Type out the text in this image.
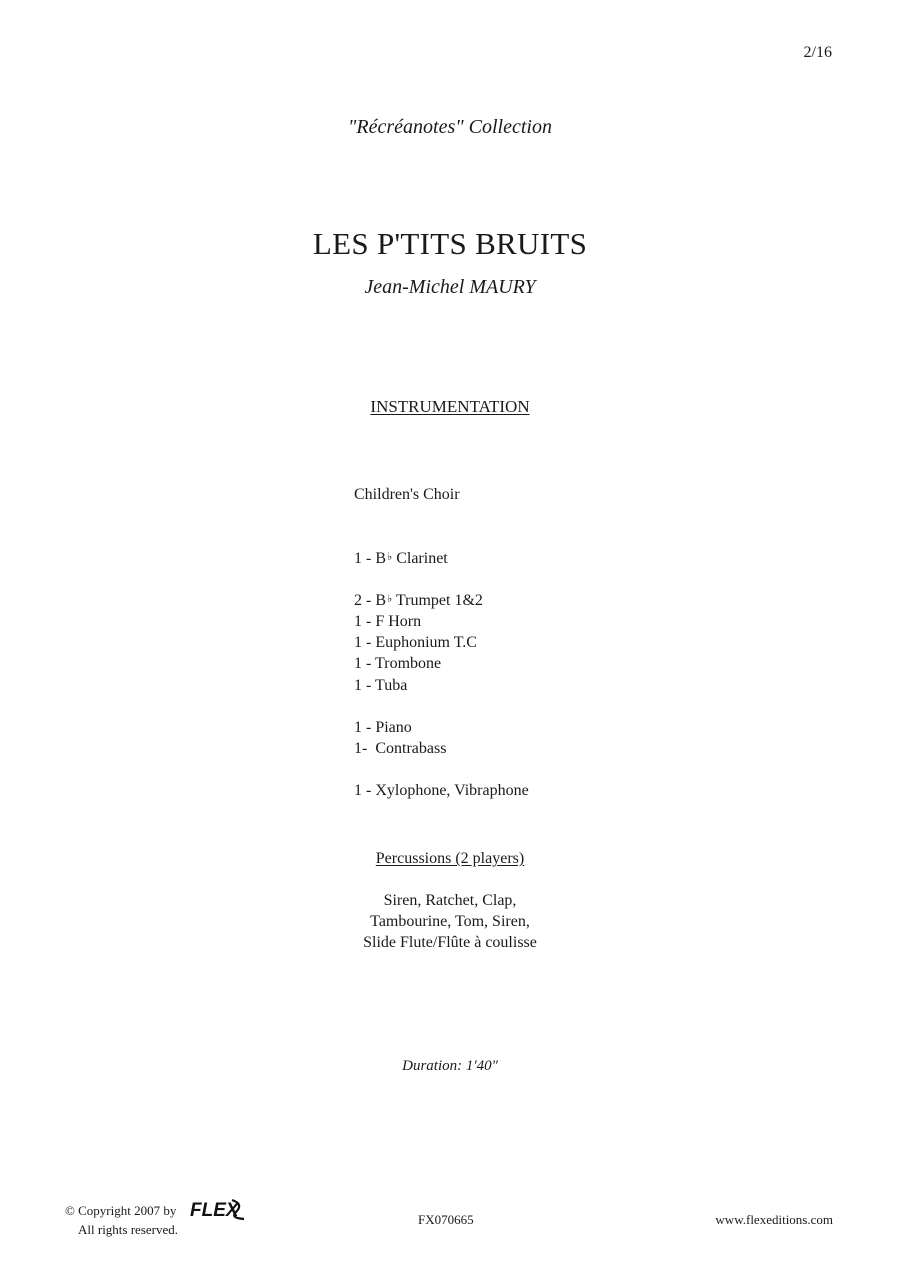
2/16
"Récréanotes" Collection
LES P'TITS BRUITS
Jean-Michel MAURY
INSTRUMENTATION
Children's Choir
1 - B♭ Clarinet
2 - B♭ Trumpet 1&2
1 - F Horn
1 - Euphonium T.C
1 - Trombone
1 - Tuba
1 - Piano
1-  Contrabass
1 - Xylophone, Vibraphone
Percussions (2 players)
Siren, Ratchet, Clap,
Tambourine, Tom, Siren,
Slide Flute/Flûte à coulisse
Duration: 1'40"
© Copyright 2007 by
All rights reserved.
FLEX	FX070665	www.flexeditions.com
